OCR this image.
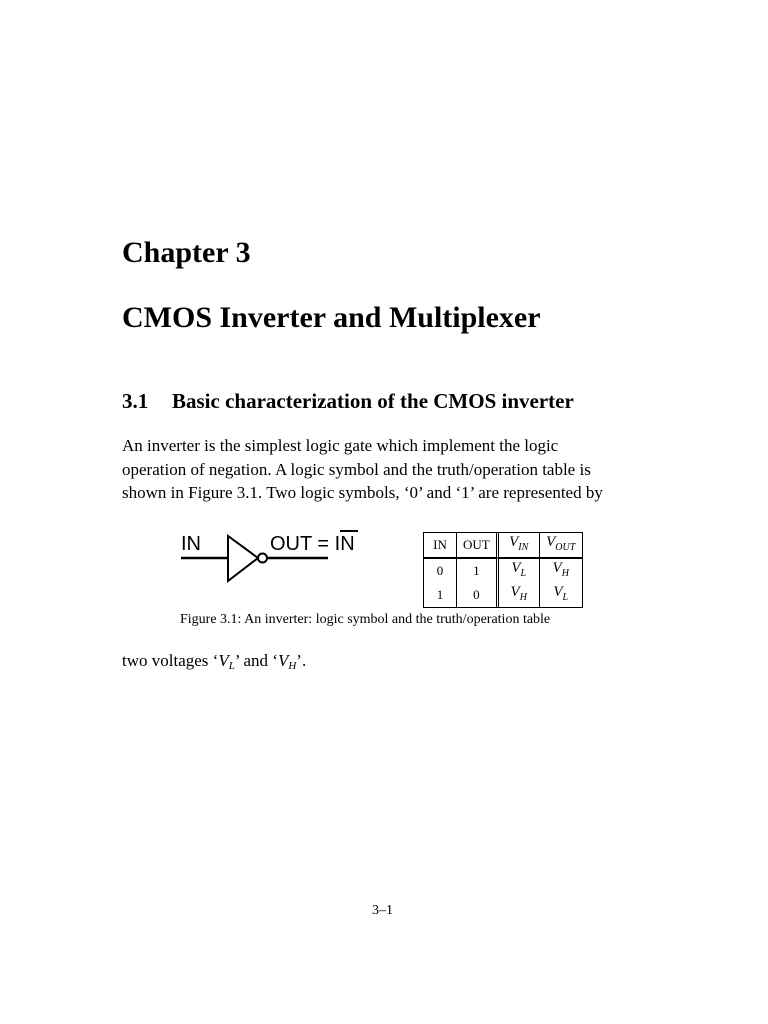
Chapter 3
CMOS Inverter and Multiplexer
3.1 Basic characterization of the CMOS inverter
An inverter is the simplest logic gate which implement the logic
operation of negation. A logic symbol and the truth/operation table is
shown in Figure 3.1. Two logic symbols, ‘0’ and ‘1’ are represented by
IN	OUT = IN	IN	OUT	$V_{IN}$	$V_{OUT}$
0	1	$V_L$	$V_H$
1	0	$V_H$	$V_L$
Figure 3.1: An inverter: logic symbol and the truth/operation table
two voltages ‘$V_L$’ and ‘$V_H$’.
3–1
